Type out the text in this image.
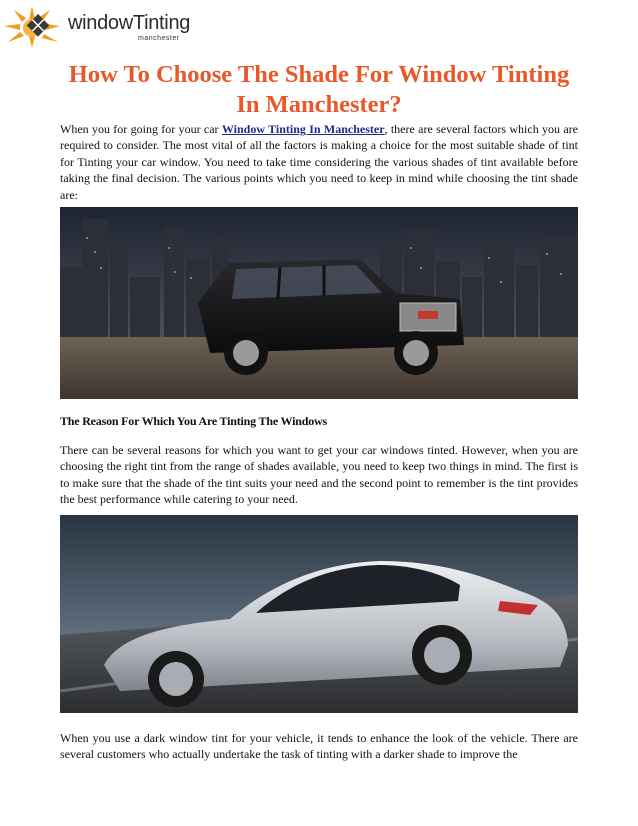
windowTinting
manchester
How To Choose The Shade For Window Tinting In Manchester?

When you for going for your car Window Tinting In Manchester, there are several factors which you are required to consider. The most vital of all the factors is making a choice for the most suitable shade of tint for Tinting your car window. You need to take time considering the various shades of tint available before taking the final decision. The various points which you need to keep in mind while choosing the tint shade are:

The Reason For Which You Are Tinting The Windows

There can be several reasons for which you want to get your car windows tinted. However, when you are choosing the right tint from the range of shades available, you need to keep two things in mind. The first is to make sure that the shade of the tint suits your need and the second point to remember is the tint provides the best performance while catering to your need.

When you use a dark window tint for your vehicle, it tends to enhance the look of the vehicle. There are several customers who actually undertake the task of tinting with a darker shade to improve the
